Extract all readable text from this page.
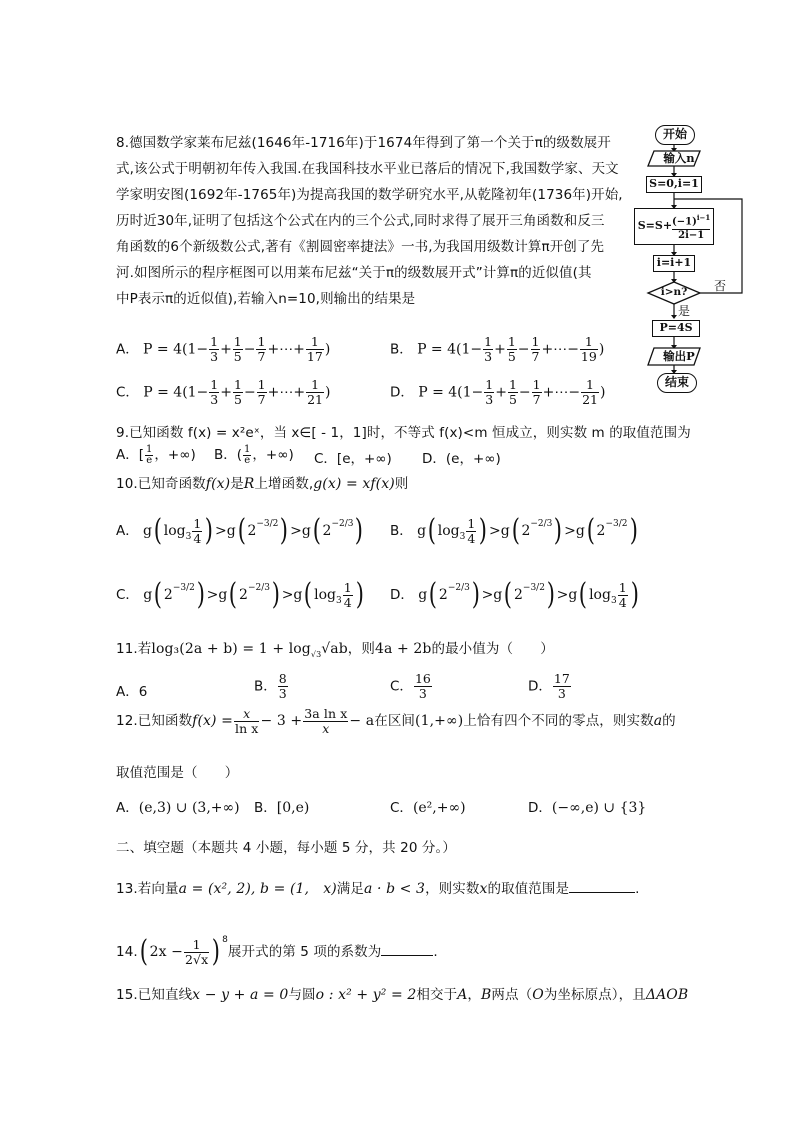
8.德国数学家莱布尼兹(1646年-1716年)于1674年得到了第一个关于π的级数展开
式,该公式于明朝初年传入我国.在我国科技水平业已落后的情况下,我国数学家、天文
学家明安图(1692年-1765年)为提高我国的数学研究水平,从乾隆初年(1736年)开始,
历时近30年,证明了包括这个公式在内的三个公式,同时求得了展开三角函数和反三
角函数的6个新级数公式,著有《割圆密率捷法》一书,为我国用级数计算π开创了先
河.如图所示的程序框图可以用莱布尼兹“关于π的级数展开式”计算π的近似值(其
中P表示π的近似值),若输入n=10,则输出的结果是
A． $P = 4(1- \frac{1}{3} + \frac{1}{5} - \frac{1}{7}$ +⋯+ $\frac{1}{17}$ )	B． $P = 4(1- \frac{1}{3} + \frac{1}{5} - \frac{1}{7}$ +⋯− $\frac{1}{19}$ )
C． $P = 4(1- \frac{1}{3} + \frac{1}{5} - \frac{1}{7}$ +⋯+ $\frac{1}{21}$ )	D． $P = 4(1- \frac{1}{3} + \frac{1}{5} - \frac{1}{7}$ +⋯− $\frac{1}{21}$ )
开始
输入n
S=0,i=1
$S=S+ \frac{(-1)^{i-1}}{2i-1}$
i=i+1
i>n?	否
是
P=4S
输出P
结束
9.已知函数 f(x) = x²eˣ，当 x∈[ - 1，1]时，不等式 f(x)<m 恒成立，则实数 m 的取值范围为
A．[ $\frac{1}{e}$ ，+∞) B．( $\frac{1}{e}$ ，+∞) C．[e，+∞) D．(e，+∞)
10.已知奇函数f(x)是R上增函数,g(x) = xf(x)则
A． g( $\log_3 \frac{1}{4}$ ) >g( $2^{-3/2}) >g$( $2^{-2/3}$) B． g( $\log_3 \frac{1}{4}$ ) >g( $2^{-2/3}) >g$( $2^{-3/2}$)
C． g( $2^{-3/2}) >g$( $2^{-2/3}) >g$( $\log_3 \frac{1}{4}$ ) D． g( $2^{-2/3}) >g$( $2^{-3/2}) >g$( $\log_3 \frac{1}{4}$ )
11.若$\log_3(2a + b) = 1 + \log_{√3}√ab$，则4a + 2b的最小值为（　　）
A．6	B． $\frac{8}{3}$	C． $\frac{16}{3}$	D． $\frac{17}{3}$
12.已知函数$f(x) = \frac{x}{\text{ln x}} - 3 + \frac{\text{3a ln x}}{x} - a$在区间(1,+∞)上恰有四个不同的零点，则实数a的
取值范围是（　　）
A．(e,3) ∪ (3,+∞) B．[0,e)	C．(e²,+∞)	D．(−∞,e) ∪ {3}
二、填空题（本题共 4 小题，每小题 5 分，共 20 分。）
13.若向量a = (x², 2), b = (1,　x)满足a · b < 3，则实数x的取值范围是	.
14.( $2x - \frac{1}{2√x}$ ) $^8$展开式的第 5 项的系数为	.
15.已知直线x − y + a = 0与圆o : x² + y² = 2相交于A，B两点（O为坐标原点），且ΔAOB
